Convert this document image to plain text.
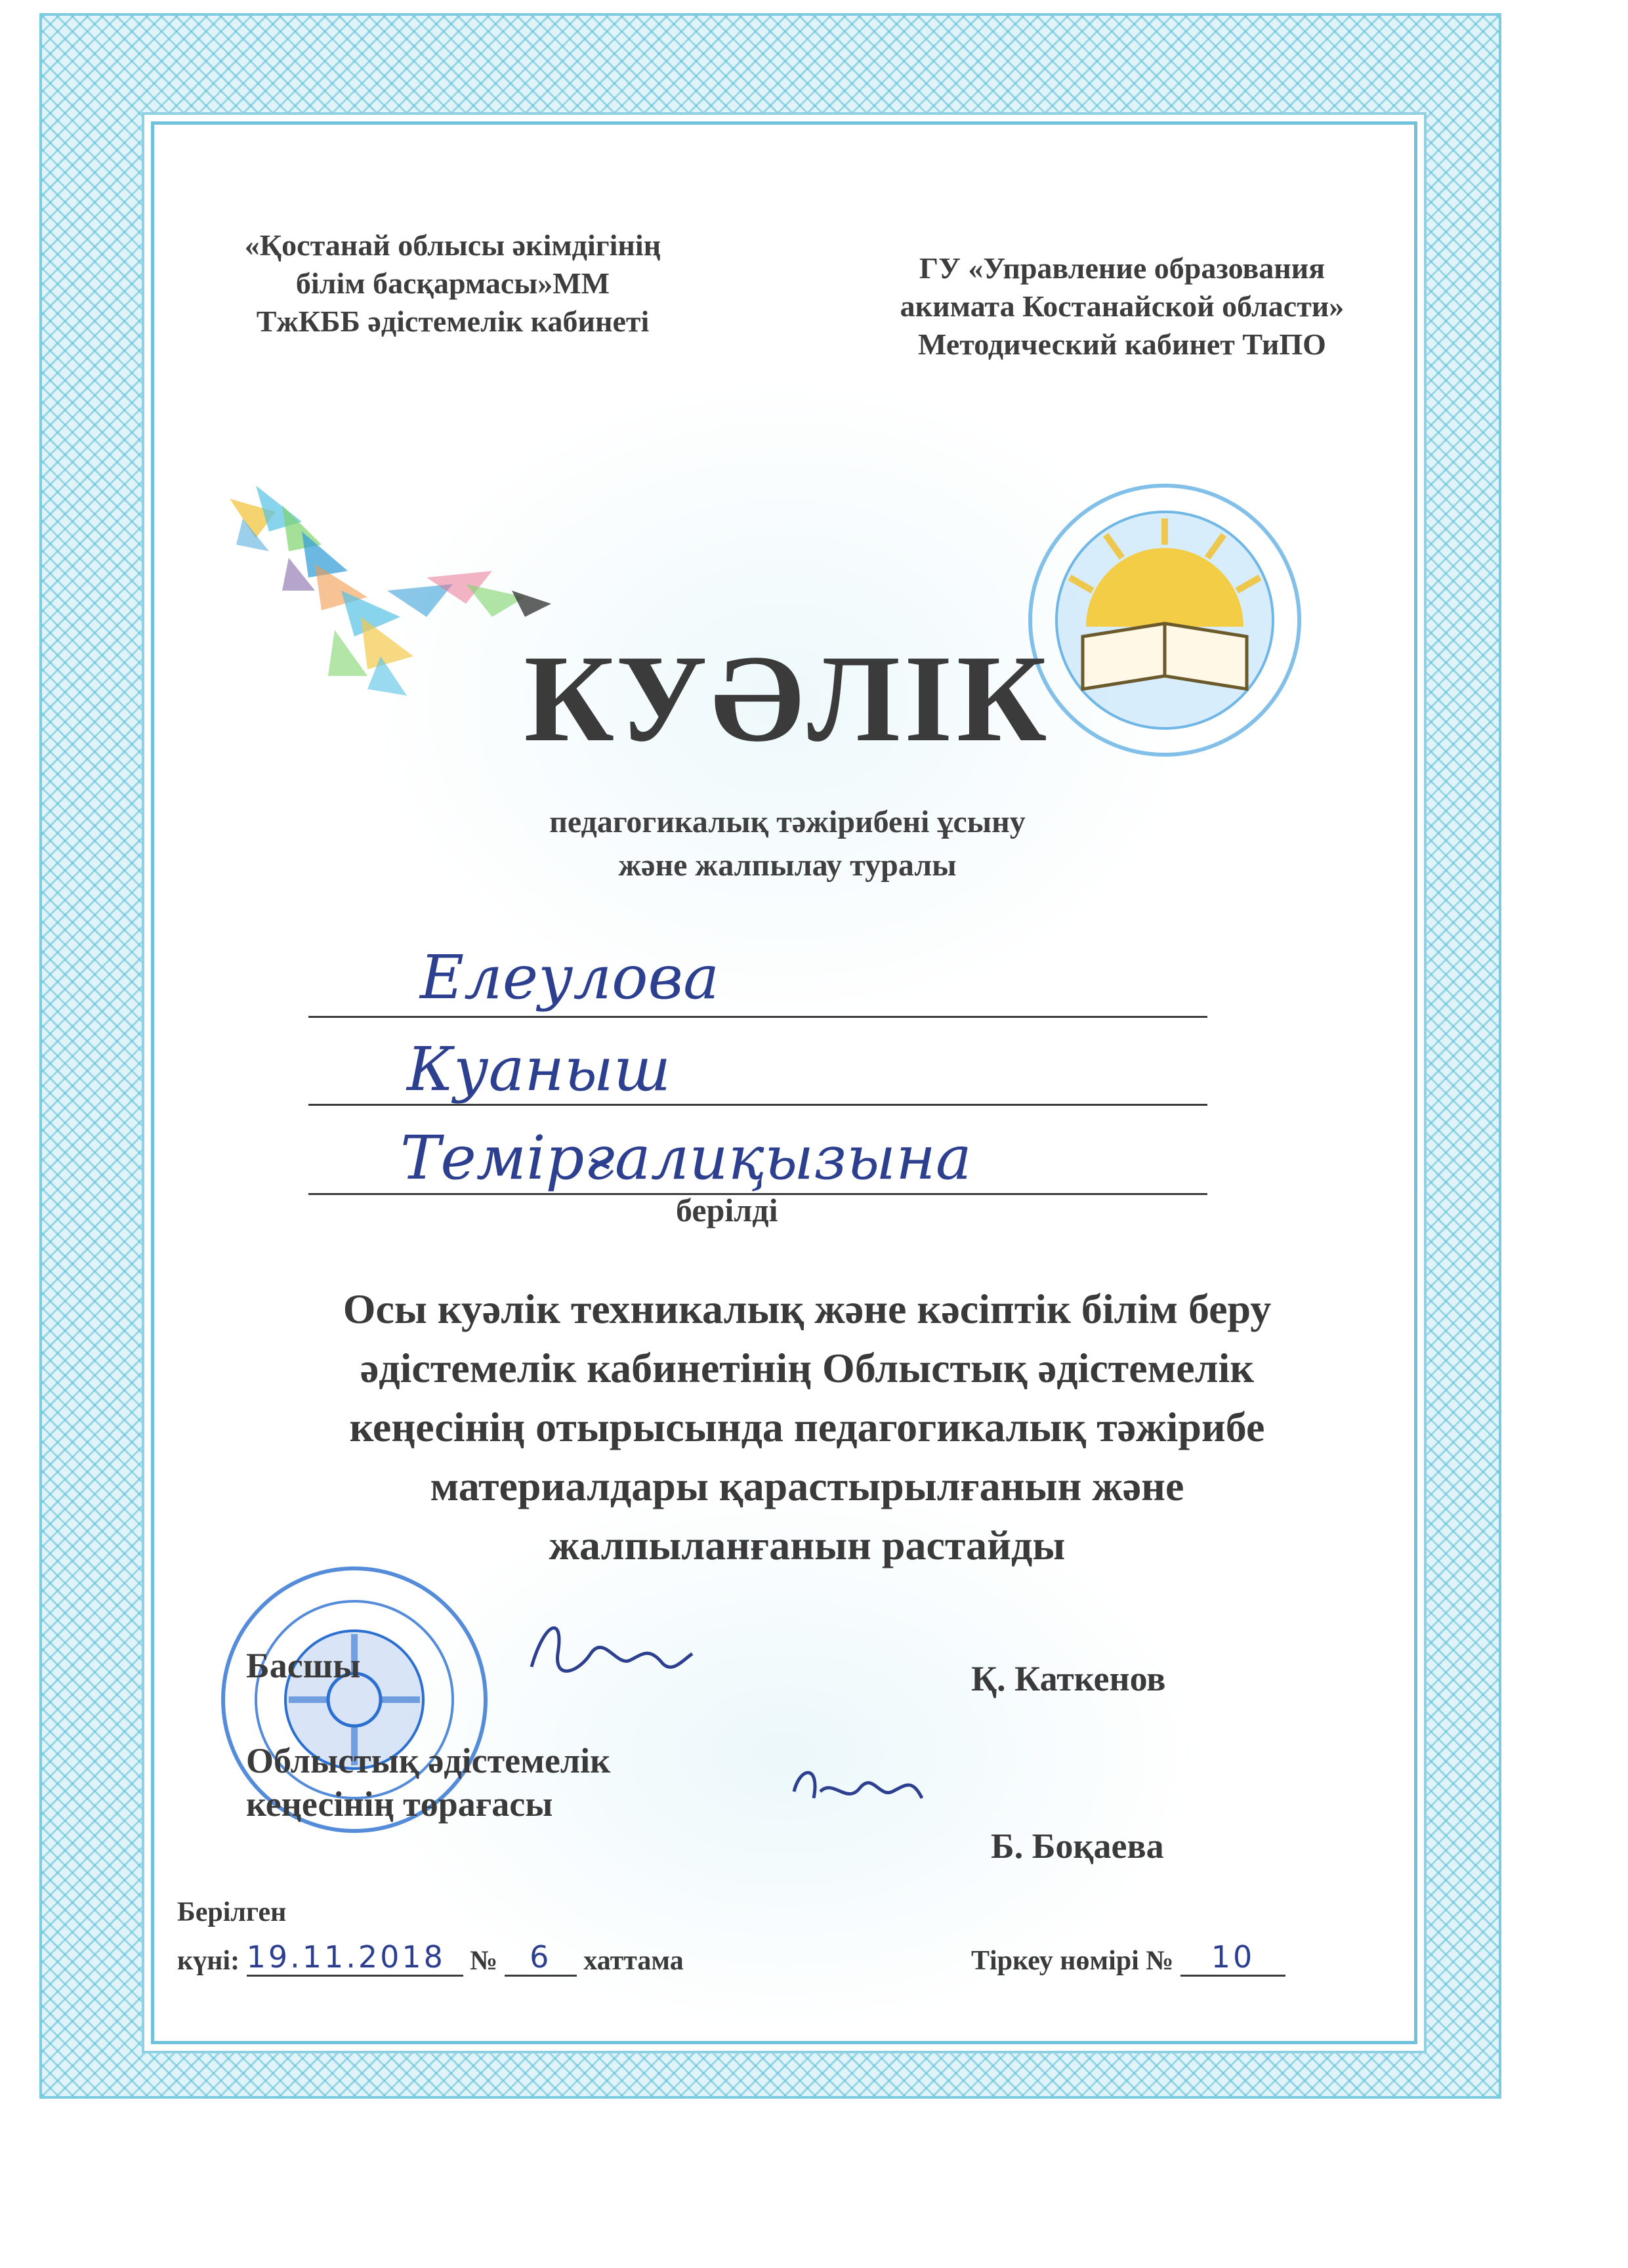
«Қостанай облысы әкімдігінің
білім басқармасы»ММ
ТжКББ әдістемелік кабинеті
ГУ «Управление образования
акимата Костанайской области»
Методический кабинет ТиПО
КУӘЛІК
педагогикалық тәжірибені ұсыну
және жалпылау туралы
Елеулова
Куаныш
Темірғалиқызына
берілді
Осы куәлік техникалық және кәсіптік білім беру
әдістемелік кабинетінің Облыстық әдістемелік
кеңесінің отырысында педагогикалық тәжірибе
материалдары қарастырылғанын және
жалпыланғанын растайды
Басшы	Қ. Каткенов
Облыстық әдістемелік
кеңесінің төрағасы
Б. Боқаева
Берілген
күні: 19.11.2018 № 6 хаттама	Тіркеу нөмірі № 10
